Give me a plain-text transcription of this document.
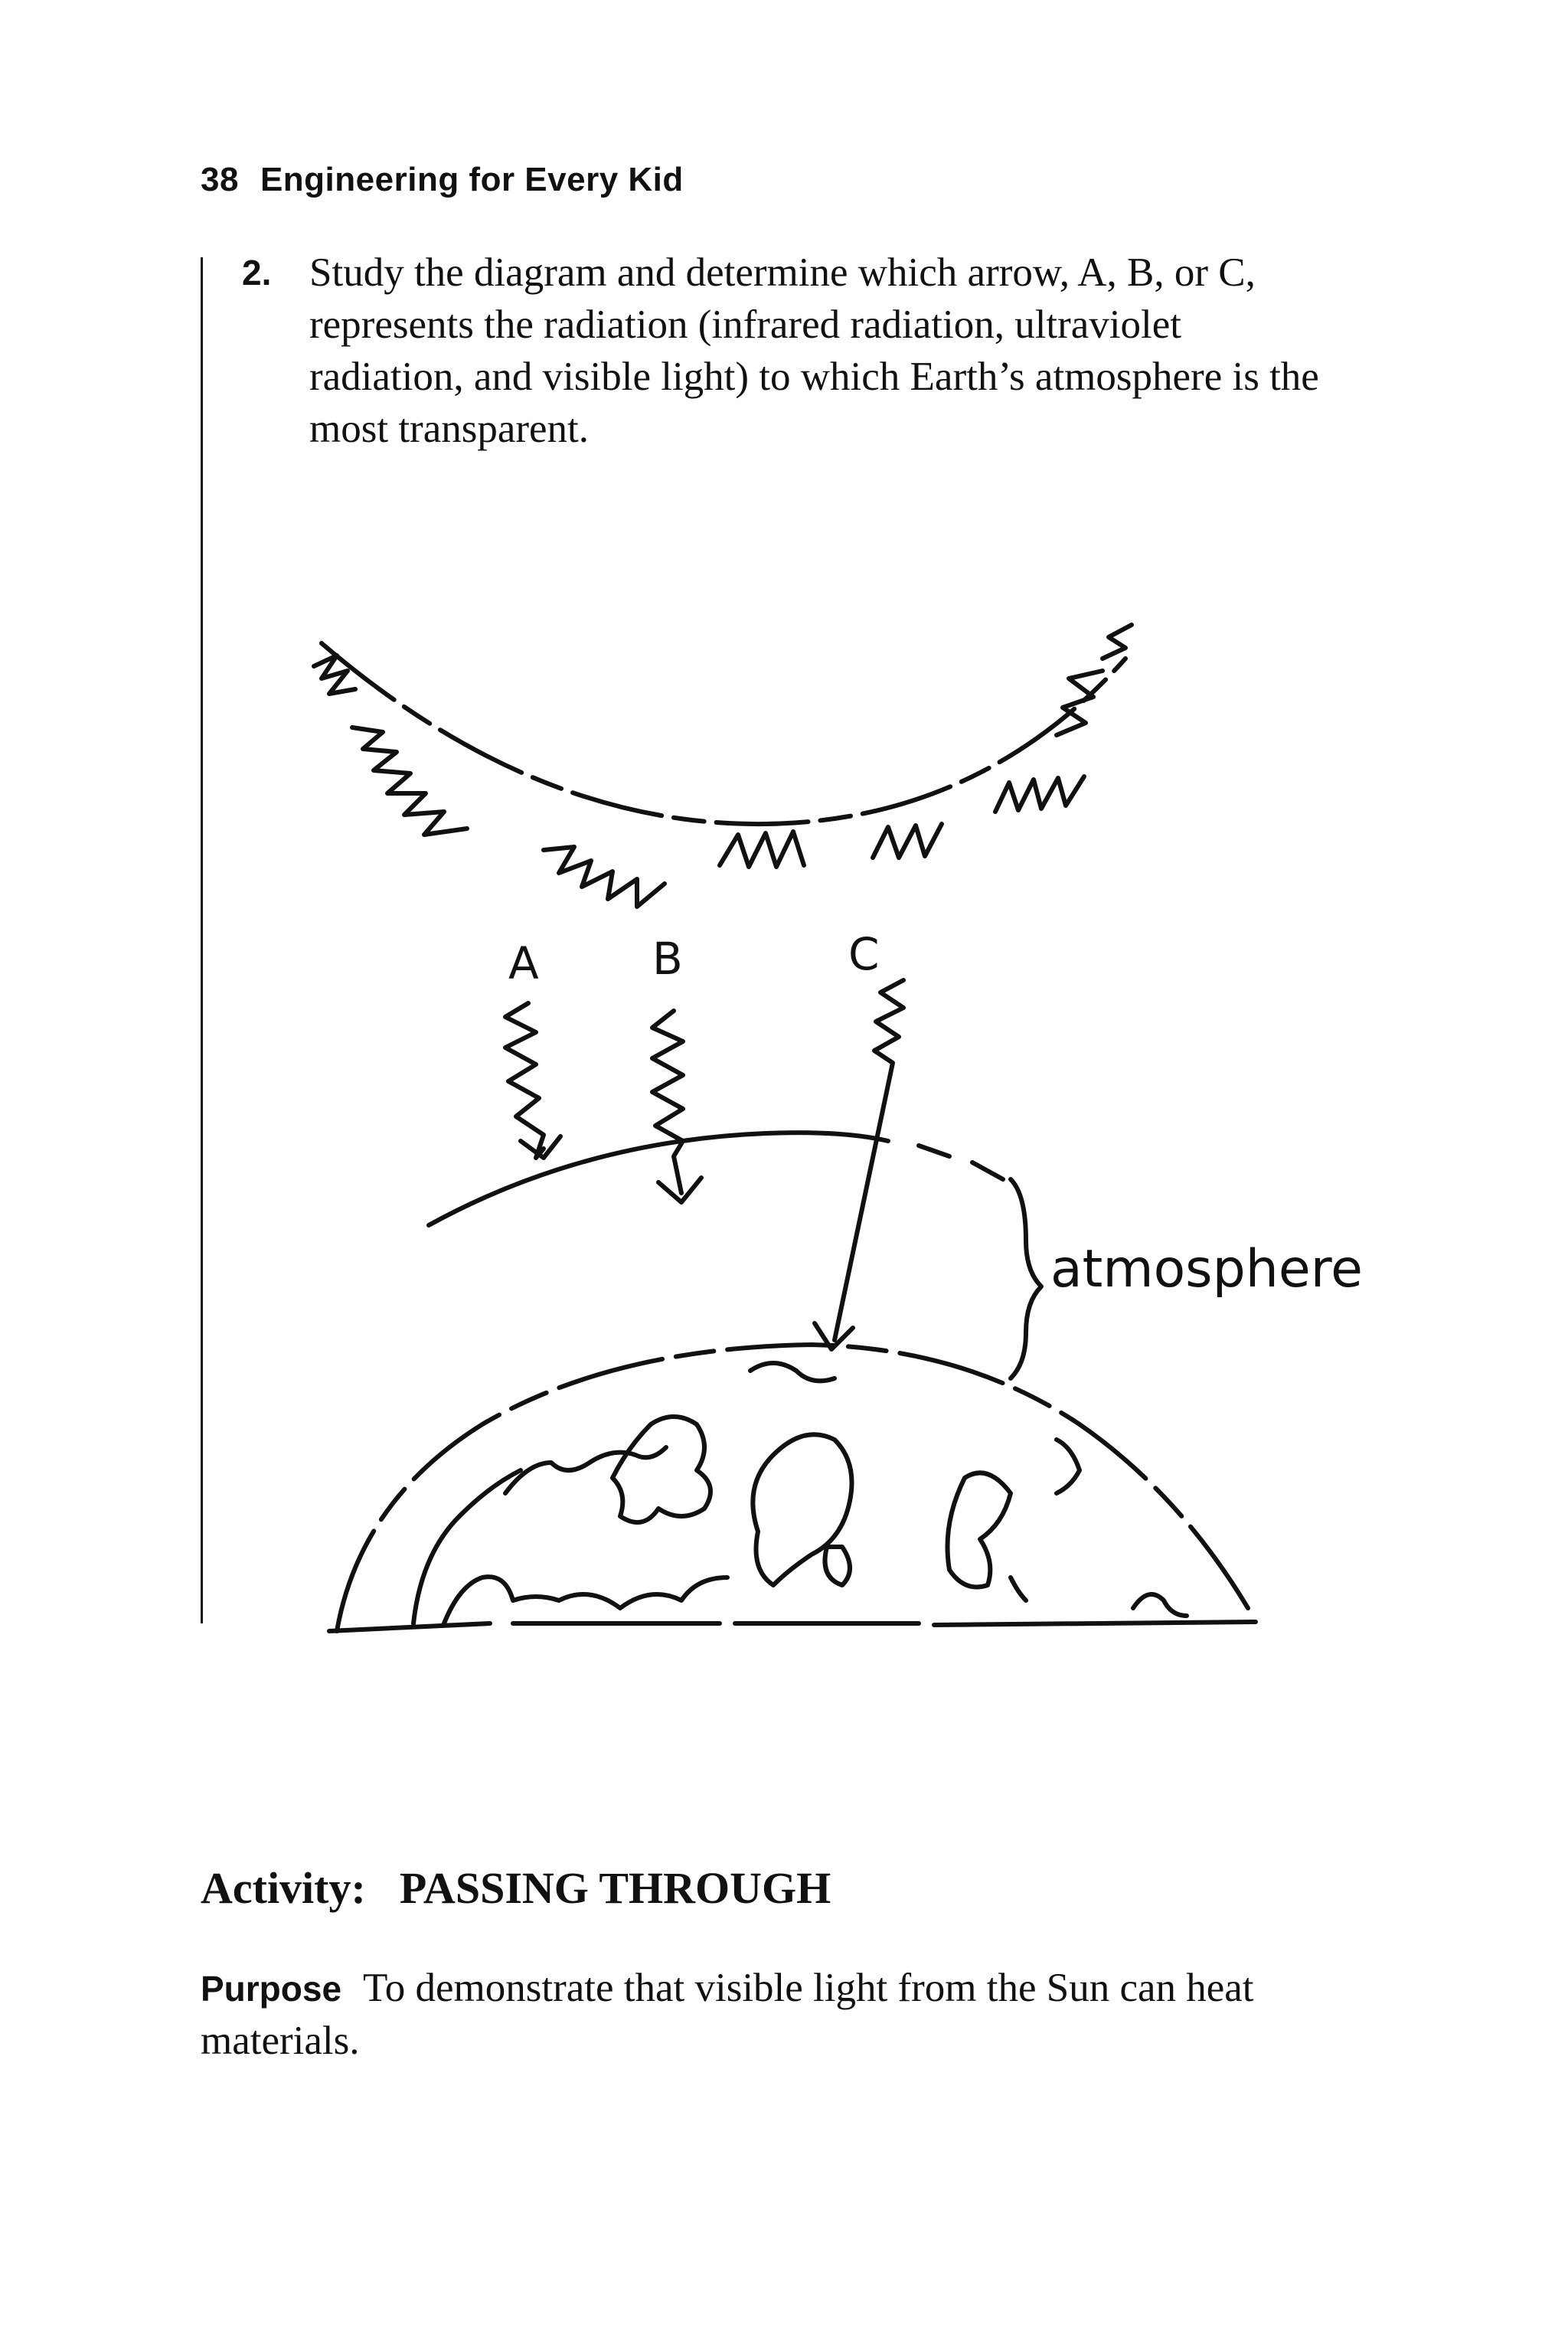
38 Engineering for Every Kid
2. Study the diagram and determine which arrow, A, B, or C, represents the radiation (infrared radiation, ultraviolet radiation, and visible light) to which Earth’s atmosphere is the most transparent.
A	B	C
atmosphere
Activity: PASSING THROUGH
Purpose To demonstrate that visible light from the Sun can heat materials.
